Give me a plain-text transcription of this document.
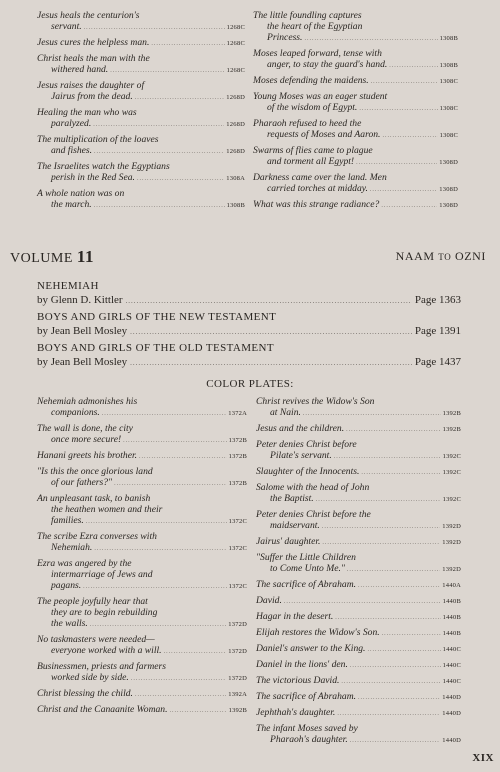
Jesus heals the centurion's
servant. .....	1268C
Jesus cures the helpless man. .....	1268C
Christ heals the man with the
withered hand. .....	1268C
Jesus raises the daughter of
Jairus from the dead. .....	1268D
Healing the man who was
paralyzed. .....	1268D
The multiplication of the loaves
and fishes. .....	1268D
The Israelites watch the Egyptians
perish in the Red Sea. .....	1308A
A whole nation was on
the march. .....	1308B
The little foundling captures
the heart of the Egyptian
Princess. .....	1308B
Moses leaped forward, tense with
anger, to stay the guard's hand. .....	1308B
Moses defending the maidens. .....	1308C
Young Moses was an eager student
of the wisdom of Egypt. .....	1308C
Pharaoh refused to heed the
requests of Moses and Aaron. .....	1308C
Swarms of flies came to plague
and torment all Egypt! .....	1308D
Darkness came over the land. Men
carried torches at midday. .....	1308D
What was this strange radiance? .....	1308D
VOLUME 11	NAAM TO OZNI
NEHEMIAH
by Glenn D. Kittler .....	Page 1363
BOYS AND GIRLS OF THE NEW TESTAMENT
by Jean Bell Mosley .....	Page 1391
BOYS AND GIRLS OF THE OLD TESTAMENT
by Jean Bell Mosley .....	Page 1437
COLOR PLATES:
Nehemiah admonishes his
companions. .....	1372A
The wall is done, the city
once more secure! .....	1372B
Hanani greets his brother. .....	1372B
"Is this the once glorious land
of our fathers?" .....	1372B
An unpleasant task, to banish
the heathen women and their
families. .....	1372C
The scribe Ezra converses with
Nehemiah. .....	1372C
Ezra was angered by the
intermarriage of Jews and
pagans. .....	1372C
The people joyfully hear that
they are to begin rebuilding
the walls. .....	1372D
No taskmasters were needed—
everyone worked with a will. .....	1372D
Businessmen, priests and farmers
worked side by side. .....	1372D
Christ blessing the child. .....	1392A
Christ and the Canaanite Woman. .....	1392B
Christ revives the Widow's Son
at Nain. .....	1392B
Jesus and the children. .....	1392B
Peter denies Christ before
Pilate's servant. .....	1392C
Slaughter of the Innocents. .....	1392C
Salome with the head of John
the Baptist. .....	1392C
Peter denies Christ before the
maidservant. .....	1392D
Jairus' daughter. .....	1392D
"Suffer the Little Children
to Come Unto Me." .....	1392D
The sacrifice of Abraham. .....	1440A
David. .....	1440B
Hagar in the desert. .....	1440B
Elijah restores the Widow's Son. .....	1440B
Daniel's answer to the King. .....	1440C
Daniel in the lions' den. .....	1440C
The victorious David. .....	1440C
The sacrifice of Abraham. .....	1440D
Jephthah's daughter. .....	1440D
The infant Moses saved by
Pharaoh's daughter. .....	1440D
XIX
